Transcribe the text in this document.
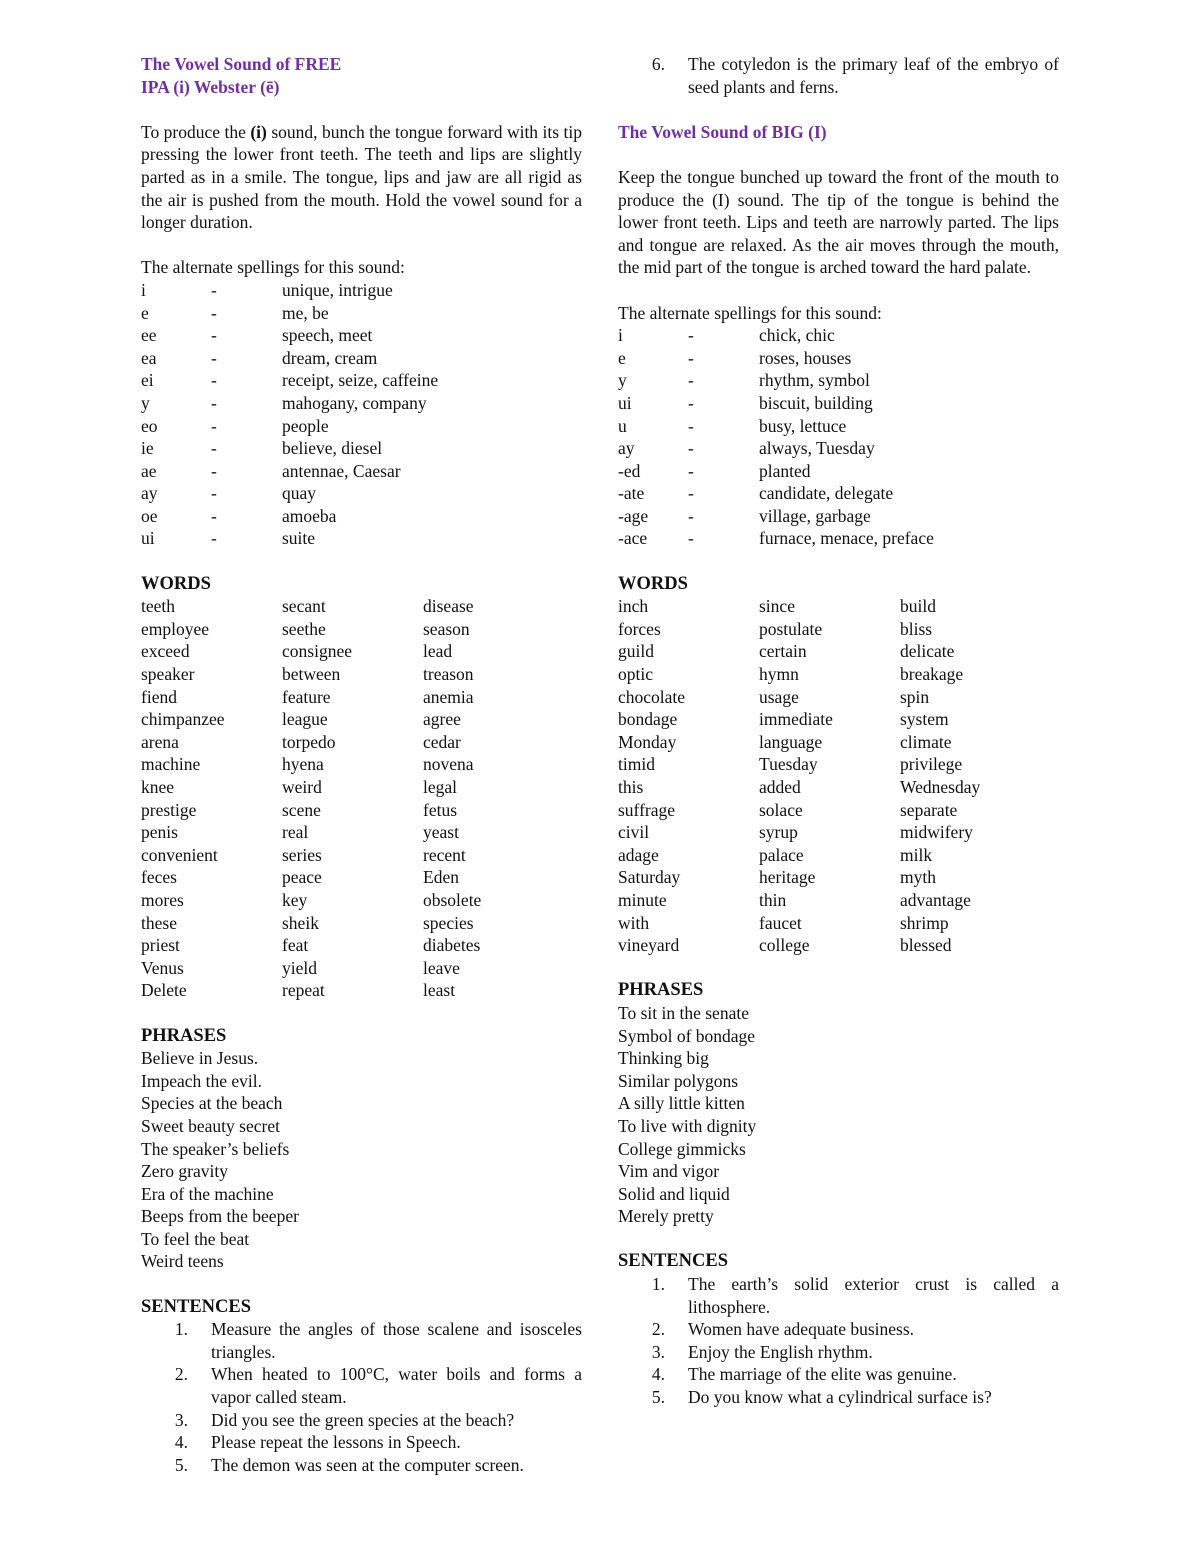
The Vowel Sound of FREE

IPA (i) Webster (ē)

To produce the (i) sound, bunch the tongue forward with its tip pressing the lower front teeth. The teeth and lips are slightly parted as in a smile. The tongue, lips and jaw are all rigid as the air is pushed from the mouth. Hold the vowel sound for a longer duration.

The alternate spellings for this sound:

i	-	unique, intrigue
e	-	me, be
ee	-	speech, meet
ea	-	dream, cream
ei	-	receipt, seize, caffeine
y	-	mahogany, company
eo	-	people
ie	-	believe, diesel
ae	-	antennae, Caesar
ay	-	quay
oe	-	amoeba
ui	-	suite

WORDS

teeth	secant	disease
employee	seethe	season
exceed	consignee	lead
speaker	between	treason
fiend	feature	anemia
chimpanzee	league	agree
arena	torpedo	cedar
machine	hyena	novena
knee	weird	legal
prestige	scene	fetus
penis	real	yeast
convenient	series	recent
feces	peace	Eden
mores	key	obsolete
these	sheik	species
priest	feat	diabetes
Venus	yield	leave
Delete	repeat	least

PHRASES

Believe in Jesus.

Impeach the evil.

Species at the beach

Sweet beauty secret

The speaker’s beliefs

Zero gravity

Era of the machine

Beeps from the beeper

To feel the beat

Weird teens

SENTENCES

1.	Measure the angles of those scalene and isosceles triangles.
2.	When heated to 100°C, water boils and forms a vapor called steam.
3.	Did you see the green species at the beach?
4.	Please repeat the lessons in Speech.
5.	The demon was seen at the computer screen.
6.	The cotyledon is the primary leaf of the embryo of seed plants and ferns.

The Vowel Sound of BIG (I)

Keep the tongue bunched up toward the front of the mouth to produce the (I) sound. The tip of the tongue is behind the lower front teeth. Lips and teeth are narrowly parted. The lips and tongue are relaxed. As the air moves through the mouth, the mid part of the tongue is arched toward the hard palate.

The alternate spellings for this sound:

i	-	chick, chic
e	-	roses, houses
y	-	rhythm, symbol
ui	-	biscuit, building
u	-	busy, lettuce
ay	-	always, Tuesday
-ed	-	planted
-ate	-	candidate, delegate
-age	-	village, garbage
-ace	-	furnace, menace, preface

WORDS

inch	since	build
forces	postulate	bliss
guild	certain	delicate
optic	hymn	breakage
chocolate	usage	spin
bondage	immediate	system
Monday	language	climate
timid	Tuesday	privilege
this	added	Wednesday
suffrage	solace	separate
civil	syrup	midwifery
adage	palace	milk
Saturday	heritage	myth
minute	thin	advantage
with	faucet	shrimp
vineyard	college	blessed

PHRASES

To sit in the senate

Symbol of bondage

Thinking big

Similar polygons

A silly little kitten

To live with dignity

College gimmicks

Vim and vigor

Solid and liquid

Merely pretty

SENTENCES

1.	The earth’s solid exterior crust is called a lithosphere.
2.	Women have adequate business.
3.	Enjoy the English rhythm.
4.	The marriage of the elite was genuine.
5.	Do you know what a cylindrical surface is?
